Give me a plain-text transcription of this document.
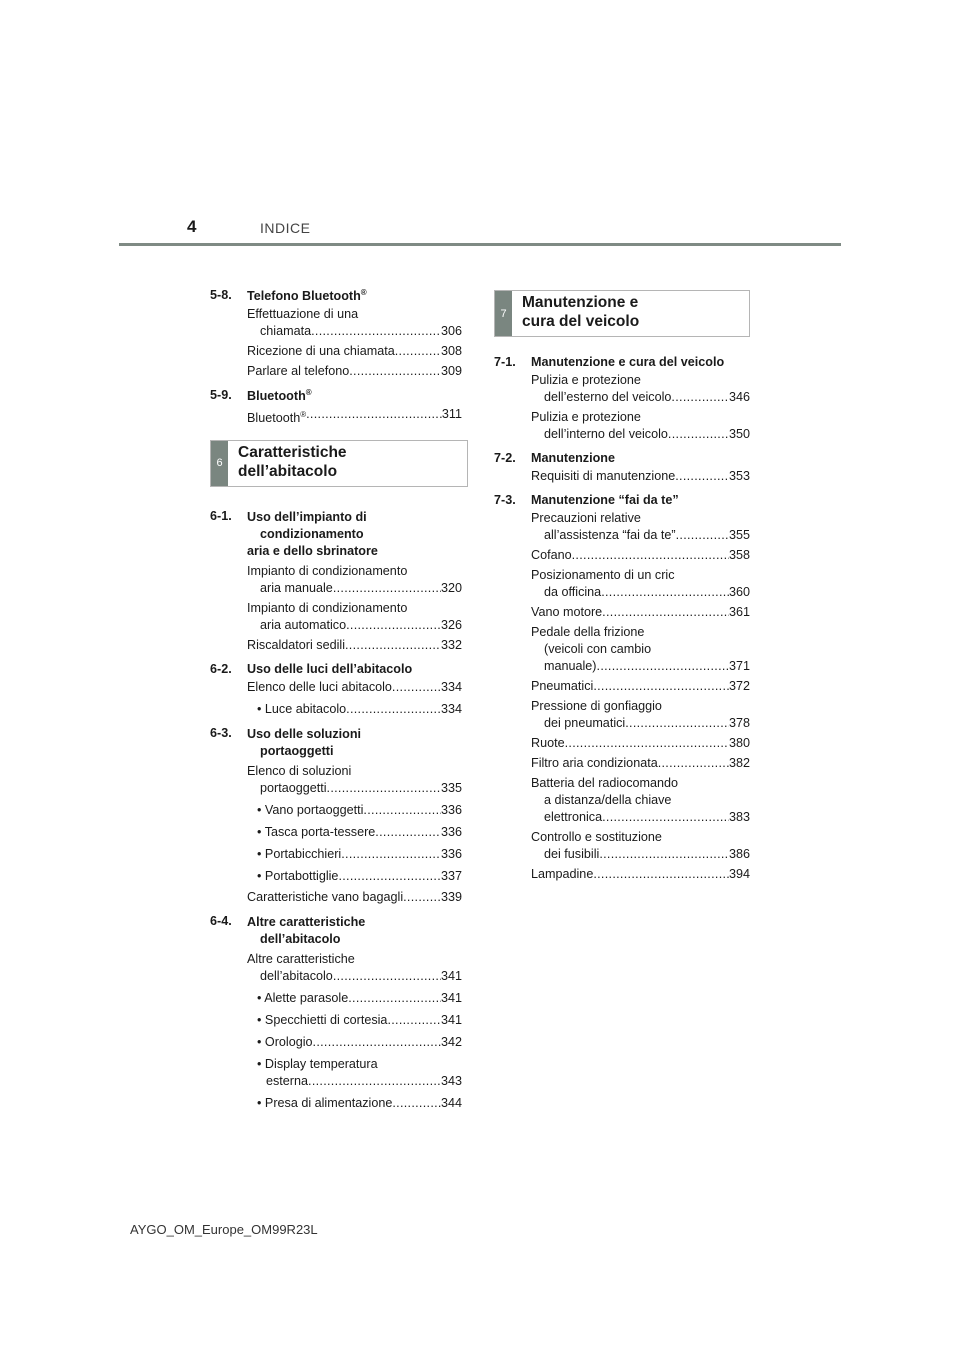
4	INDICE
5-8.	Telefono Bluetooth®
Effettuazione di una
chiamata .....	306
Ricezione di una chiamata .....	308
Parlare al telefono .....	309
5-9.	Bluetooth®
Bluetooth® .....	311
6
Caratteristiche
dell’abitacolo
6-1.	Uso dell’impianto di
condizionamento
aria e dello sbrinatore
Impianto di condizionamento
aria manuale .....	320
Impianto di condizionamento
aria automatico .....	326
Riscaldatori sedili .....	332
6-2.	Uso delle luci dell’abitacolo
Elenco delle luci abitacolo .....	334
• Luce abitacolo .....	334
6-3.	Uso delle soluzioni
portaoggetti
Elenco di soluzioni
portaoggetti .....	335
• Vano portaoggetti .....	336
• Tasca porta-tessere .....	336
• Portabicchieri .....	336
• Portabottiglie .....	337
Caratteristiche vano bagagli .....	339
6-4.	Altre caratteristiche
dell’abitacolo
Altre caratteristiche
dell’abitacolo .....	341
• Alette parasole .....	341
• Specchietti di cortesia .....	341
• Orologio .....	342
• Display temperatura
esterna .....	343
• Presa di alimentazione .....	344
7
Manutenzione e
cura del veicolo
7-1.	Manutenzione e cura del veicolo
Pulizia e protezione
dell’esterno del veicolo .....	346
Pulizia e protezione
dell’interno del veicolo .....	350
7-2.	Manutenzione
Requisiti di manutenzione .....	353
7-3.	Manutenzione “fai da te”
Precauzioni relative
all’assistenza “fai da te” .....	355
Cofano .....	358
Posizionamento di un cric
da officina .....	360
Vano motore .....	361
Pedale della frizione
(veicoli con cambio
manuale) .....	371
Pneumatici .....	372
Pressione di gonfiaggio
dei pneumatici .....	378
Ruote .....	380
Filtro aria condizionata .....	382
Batteria del radiocomando
a distanza/della chiave
elettronica .....	383
Controllo e sostituzione
dei fusibili .....	386
Lampadine .....	394
AYGO_OM_Europe_OM99R23L
